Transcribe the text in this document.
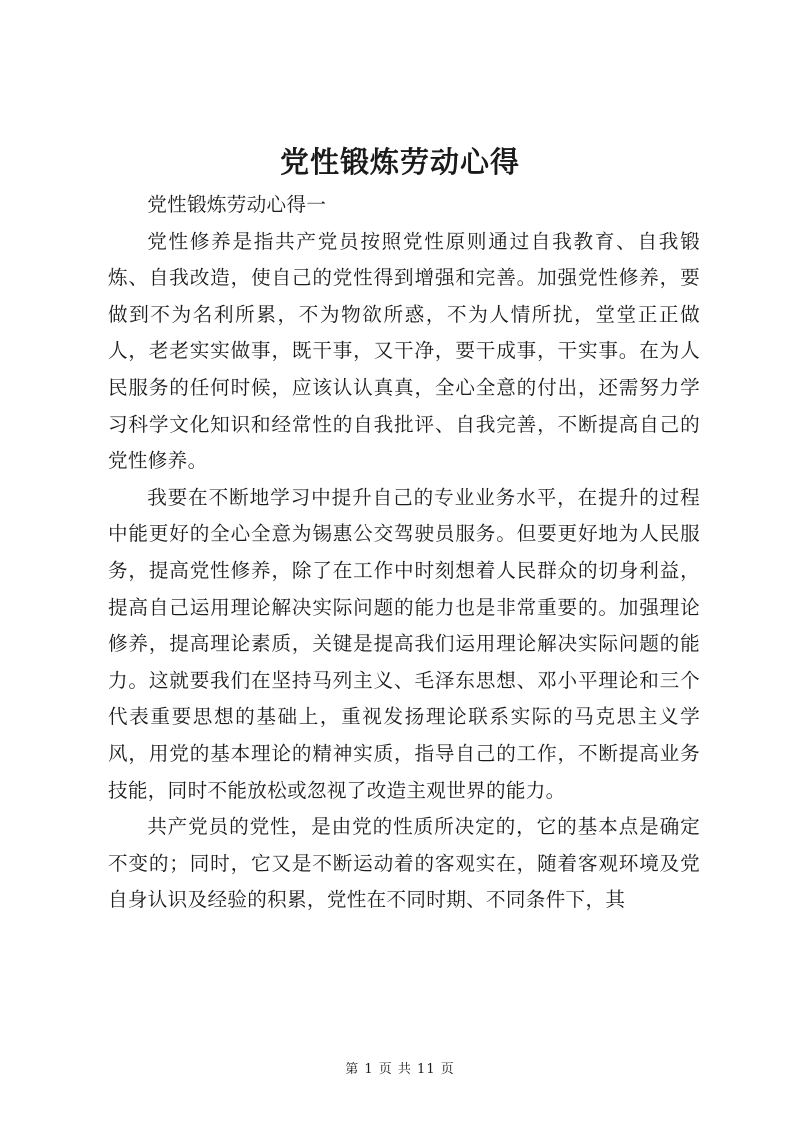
党性锻炼劳动心得

党性锻炼劳动心得一

党性修养是指共产党员按照党性原则通过自我教育、自我锻炼、自我改造，使自己的党性得到增强和完善。加强党性修养，要做到不为名利所累，不为物欲所惑，不为人情所扰，堂堂正正做人，老老实实做事，既干事，又干净，要干成事，干实事。在为人民服务的任何时候，应该认认真真，全心全意的付出，还需努力学习科学文化知识和经常性的自我批评、自我完善，不断提高自己的党性修养。

我要在不断地学习中提升自己的专业业务水平，在提升的过程中能更好的全心全意为锡惠公交驾驶员服务。但要更好地为人民服务，提高党性修养，除了在工作中时刻想着人民群众的切身利益，提高自己运用理论解决实际问题的能力也是非常重要的。加强理论修养，提高理论素质，关键是提高我们运用理论解决实际问题的能力。这就要我们在坚持马列主义、毛泽东思想、邓小平理论和三个代表重要思想的基础上，重视发扬理论联系实际的马克思主义学风，用党的基本理论的精神实质，指导自己的工作，不断提高业务技能，同时不能放松或忽视了改造主观世界的能力。

共产党员的党性，是由党的性质所决定的，它的基本点是确定不变的；同时，它又是不断运动着的客观实在，随着客观环境及党自身认识及经验的积累，党性在不同时期、不同条件下，其

第 1 页 共 11 页
